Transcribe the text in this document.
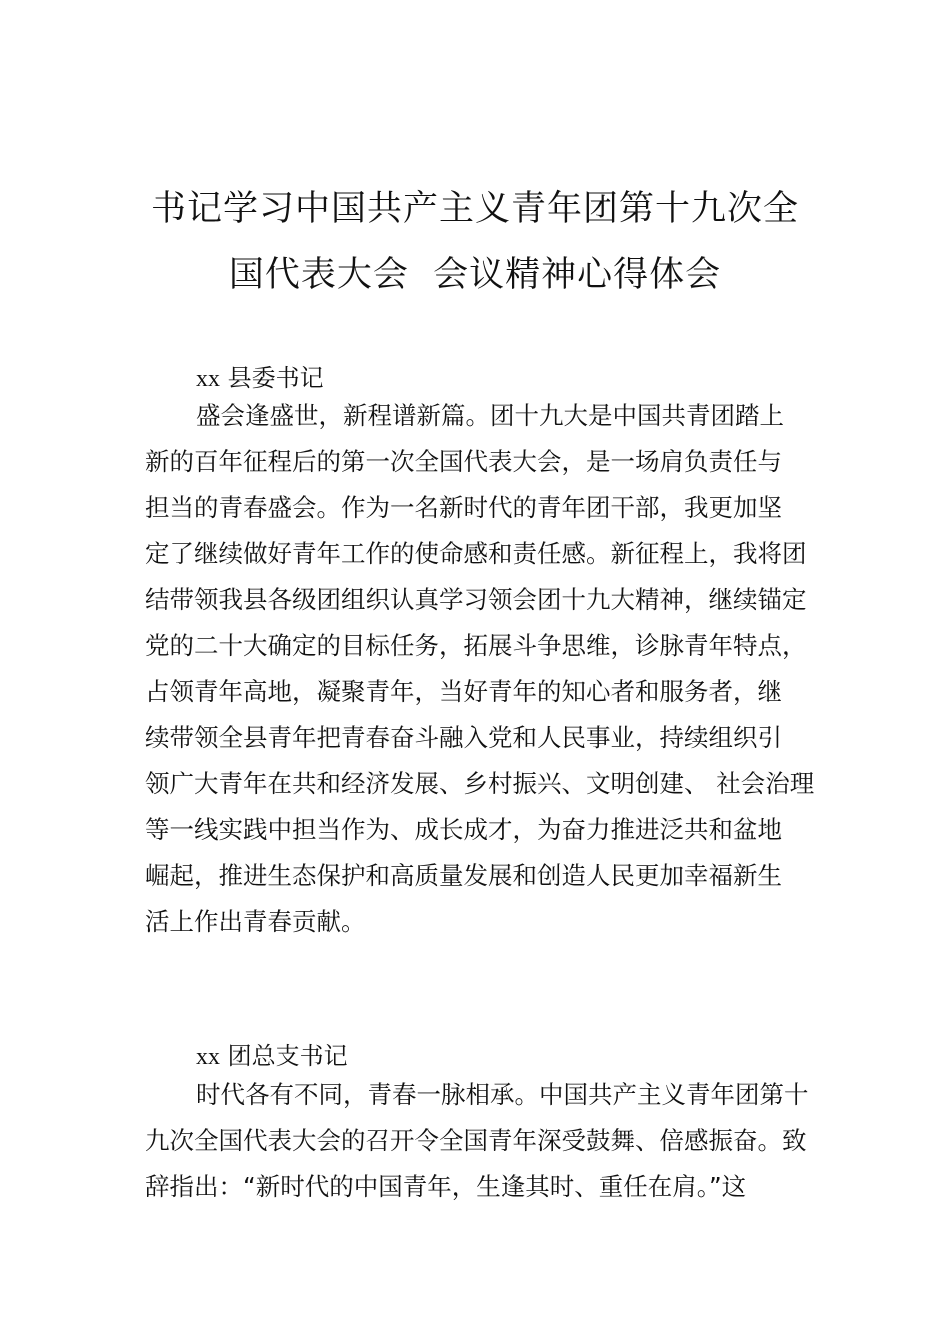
书记学习中国共产主义青年团第十九次全
国代表大会  会议精神心得体会
xx 县委书记
盛会逢盛世，新程谱新篇。团十九大是中国共青团踏上
新的百年征程后的第一次全国代表大会，是一场肩负责任与
担当的青春盛会。作为一名新时代的青年团干部，我更加坚
定了继续做好青年工作的使命感和责任感。新征程上，我将团
结带领我县各级团组织认真学习领会团十九大精神，继续锚定
党的二十大确定的目标任务，拓展斗争思维，诊脉青年特点，
占领青年高地，凝聚青年，当好青年的知心者和服务者，继
续带领全县青年把青春奋斗融入党和人民事业，持续组织引
领广大青年在共和经济发展、乡村振兴、文明创建、 社会治理
等一线实践中担当作为、成长成才，为奋力推进泛共和盆地
崛起，推进生态保护和高质量发展和创造人民更加幸福新生
活上作出青春贡献。
xx 团总支书记
时代各有不同，青春一脉相承。中国共产主义青年团第十
九次全国代表大会的召开令全国青年深受鼓舞、倍感振奋。致
辞指出：“新时代的中国青年，生逢其时、重任在肩。”这
